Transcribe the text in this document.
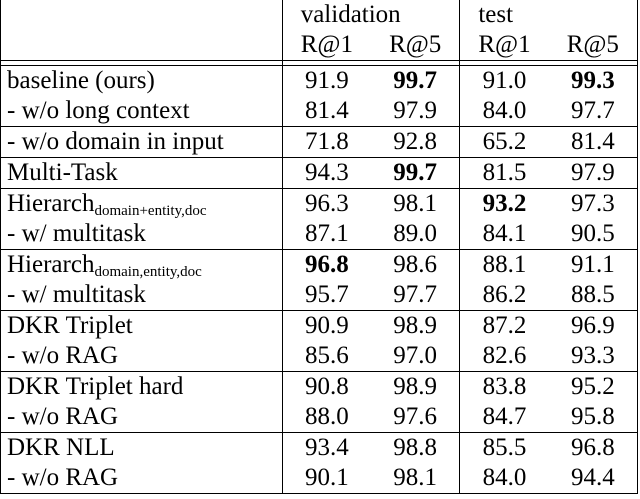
	validation		test	
	R@1	R@5	R@1	R@5

baseline (ours)	91.9	99.7	91.0	99.3
- w/o long context	81.4	97.9	84.0	97.7
- w/o domain in input	71.8	92.8	65.2	81.4
Multi-Task	94.3	99.7	81.5	97.9
Hierarch$_{domain+entity,doc}$	96.3	98.1	93.2	97.3
- w/ multitask	87.1	89.0	84.1	90.5
Hierarch$_{domain,entity,doc}$	96.8	98.6	88.1	91.1
- w/ multitask	95.7	97.7	86.2	88.5
DKR Triplet	90.9	98.9	87.2	96.9
- w/o RAG	85.6	97.0	82.6	93.3
DKR Triplet hard	90.8	98.9	83.8	95.2
- w/o RAG	88.0	97.6	84.7	95.8
DKR NLL	93.4	98.8	85.5	96.8
- w/o RAG	90.1	98.1	84.0	94.4
